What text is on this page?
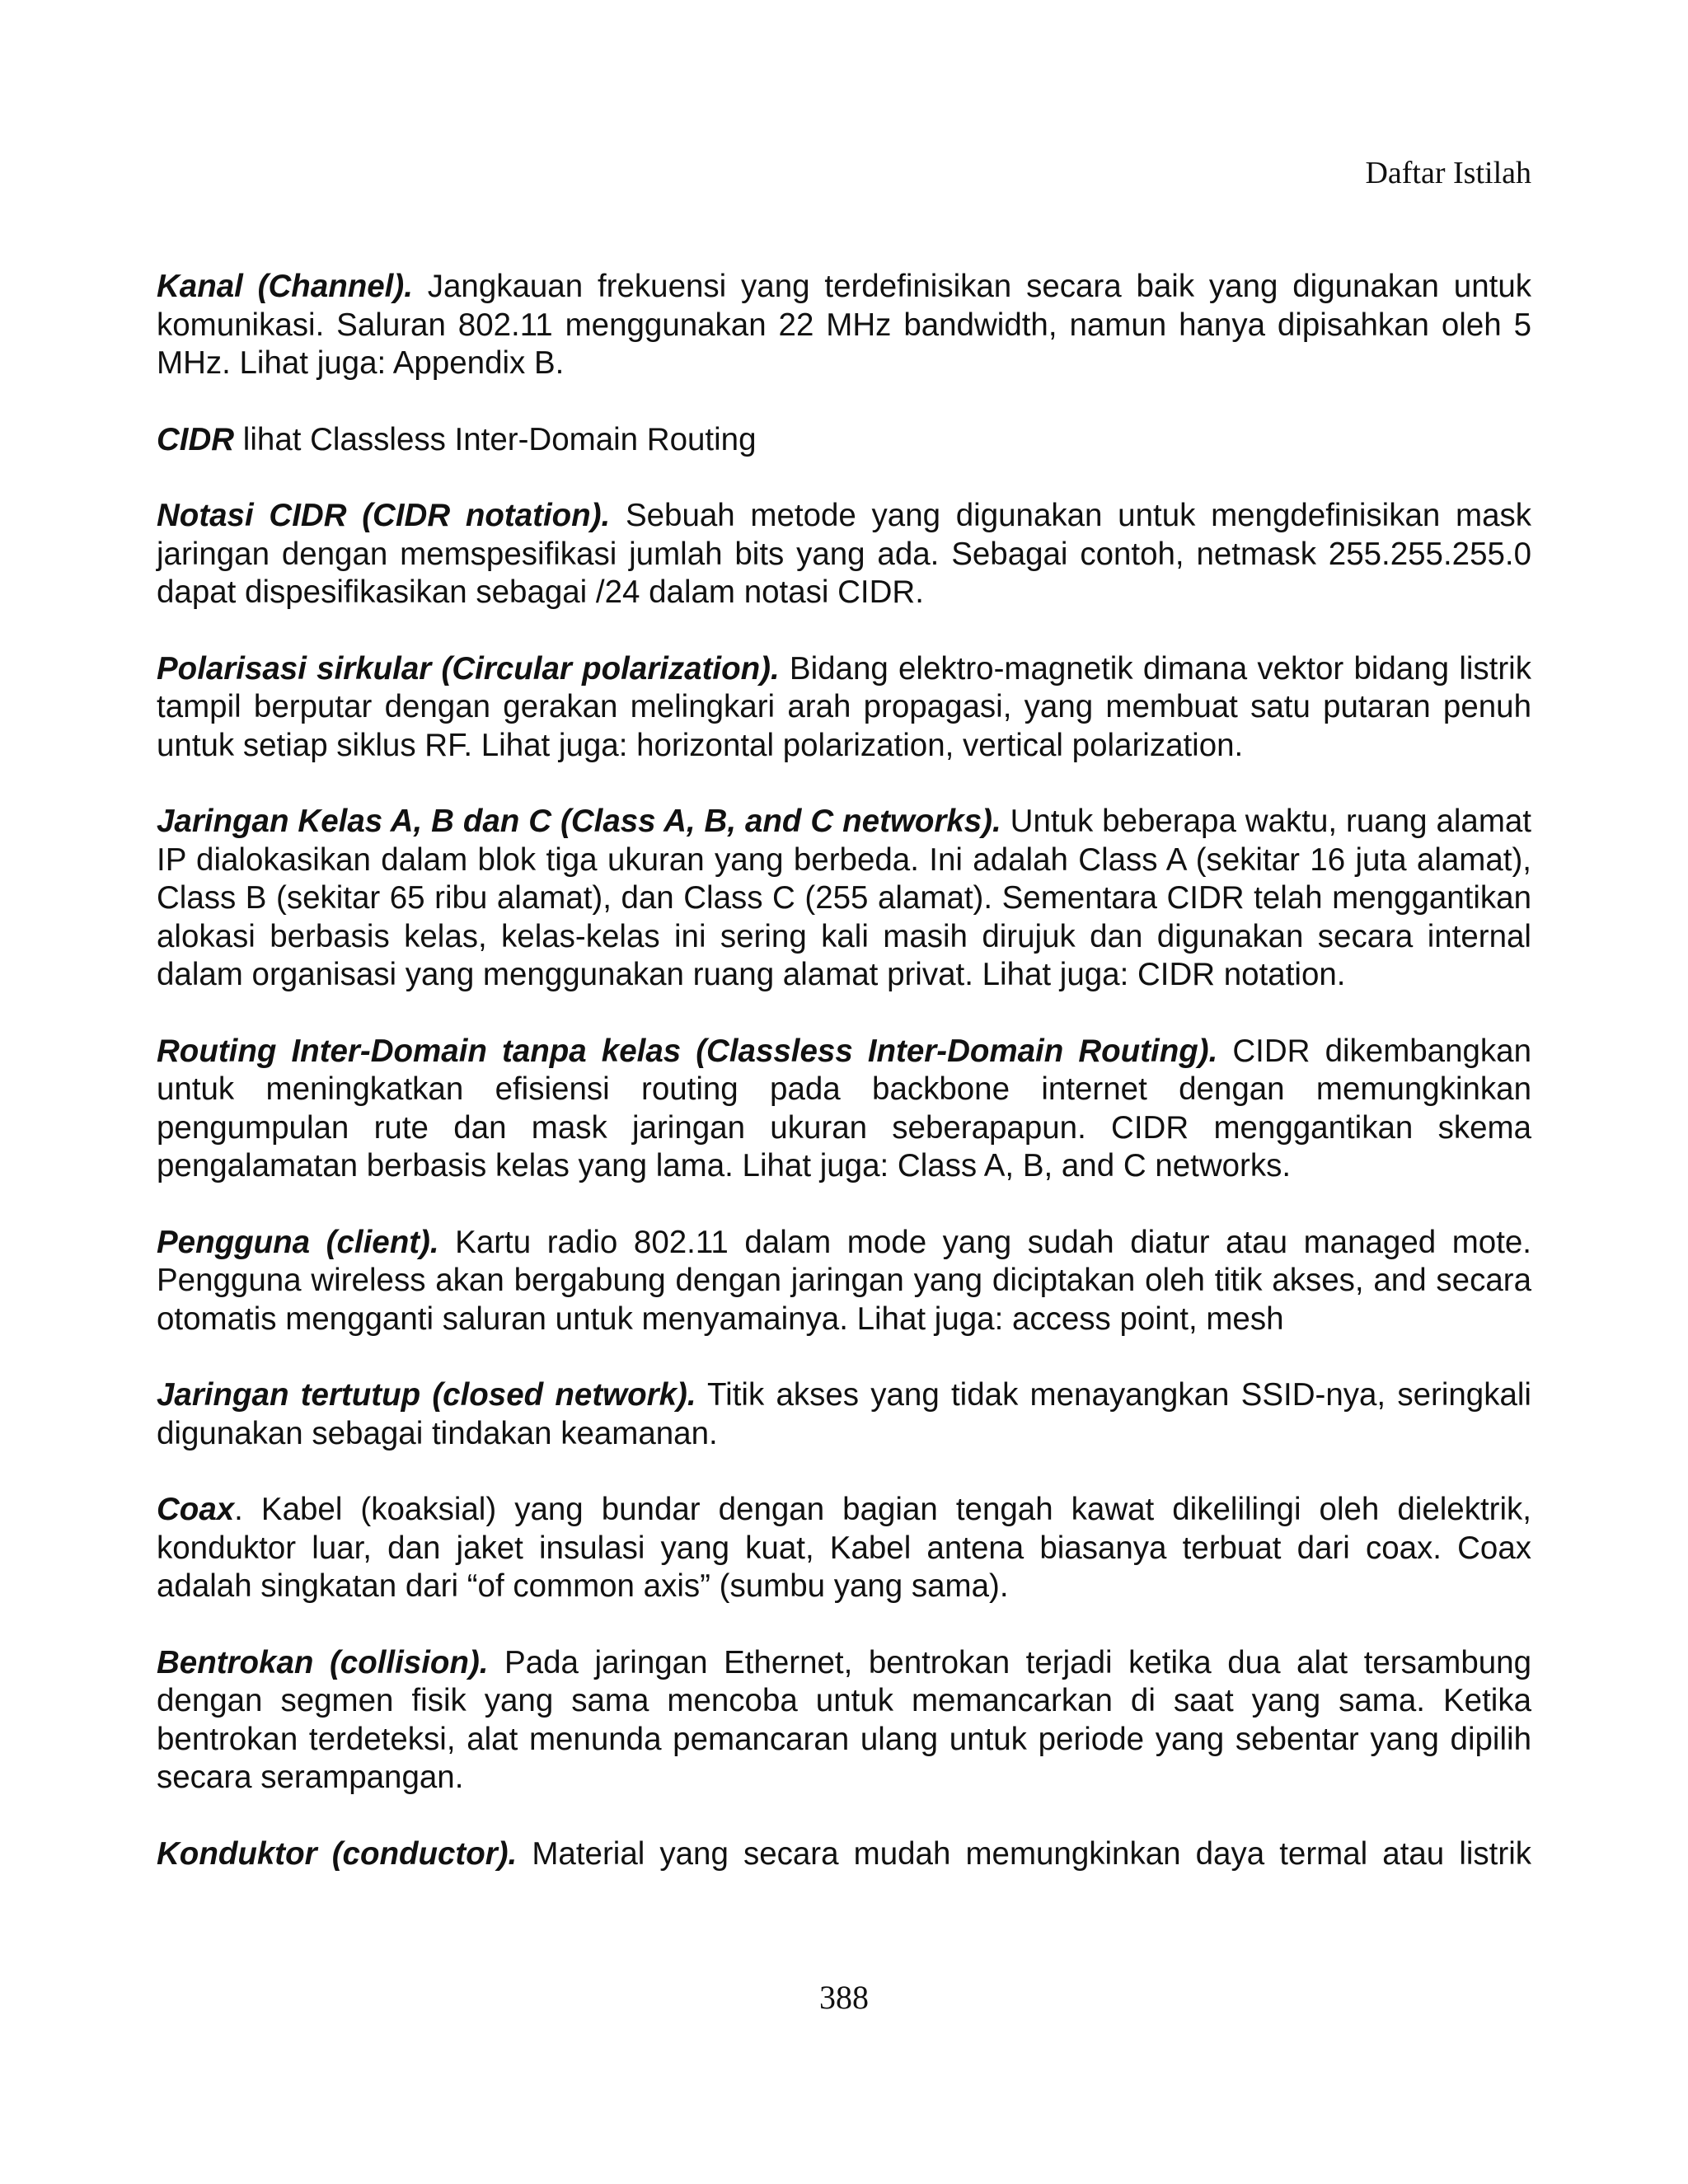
Daftar Istilah

Kanal (Channel). Jangkauan frekuensi yang terdefinisikan secara baik yang digunakan untuk komunikasi. Saluran 802.11 menggunakan 22 MHz bandwidth, namun hanya dipisahkan oleh 5 MHz. Lihat juga: Appendix B.

CIDR lihat Classless Inter-Domain Routing

Notasi CIDR (CIDR notation). Sebuah metode yang digunakan untuk mengdefinisikan mask jaringan dengan memspesifikasi jumlah bits yang ada. Sebagai contoh, netmask 255.255.255.0 dapat dispesifikasikan sebagai /24 dalam notasi CIDR.

Polarisasi sirkular (Circular polarization). Bidang elektro-magnetik dimana vektor bidang listrik tampil berputar dengan gerakan melingkari arah propagasi, yang membuat satu putaran penuh untuk setiap siklus RF. Lihat juga: horizontal polarization, vertical polarization.

Jaringan Kelas A, B dan C (Class A, B, and C networks). Untuk beberapa waktu, ruang alamat IP dialokasikan dalam blok tiga ukuran yang berbeda. Ini adalah Class A (sekitar 16 juta alamat), Class B (sekitar 65 ribu alamat), dan Class C (255 alamat). Sementara CIDR telah menggantikan alokasi berbasis kelas, kelas-kelas ini sering kali masih dirujuk dan digunakan secara internal dalam organisasi yang menggunakan ruang alamat privat. Lihat juga: CIDR notation.

Routing Inter-Domain tanpa kelas (Classless Inter-Domain Routing). CIDR dikembangkan untuk meningkatkan efisiensi routing pada backbone internet dengan memungkinkan pengumpulan rute dan mask jaringan ukuran seberapapun. CIDR menggantikan skema pengalamatan berbasis kelas yang lama. Lihat juga: Class A, B, and C networks.

Pengguna (client). Kartu radio 802.11 dalam mode yang sudah diatur atau managed mote. Pengguna wireless akan bergabung dengan jaringan yang diciptakan oleh titik akses, and secara otomatis mengganti saluran untuk menyamainya. Lihat juga: access point, mesh

Jaringan tertutup (closed network). Titik akses yang tidak menayangkan SSID-nya, seringkali digunakan sebagai tindakan keamanan.

Coax. Kabel (koaksial) yang bundar dengan bagian tengah kawat dikelilingi oleh dielektrik, konduktor luar, dan jaket insulasi yang kuat, Kabel antena biasanya terbuat dari coax. Coax adalah singkatan dari “of common axis” (sumbu yang sama).

Bentrokan (collision). Pada jaringan Ethernet, bentrokan terjadi ketika dua alat tersambung dengan segmen fisik yang sama mencoba untuk memancarkan di saat yang sama. Ketika bentrokan terdeteksi, alat menunda pemancaran ulang untuk periode yang sebentar yang dipilih secara serampangan.

Konduktor (conductor). Material yang secara mudah memungkinkan daya termal atau listrik

388
